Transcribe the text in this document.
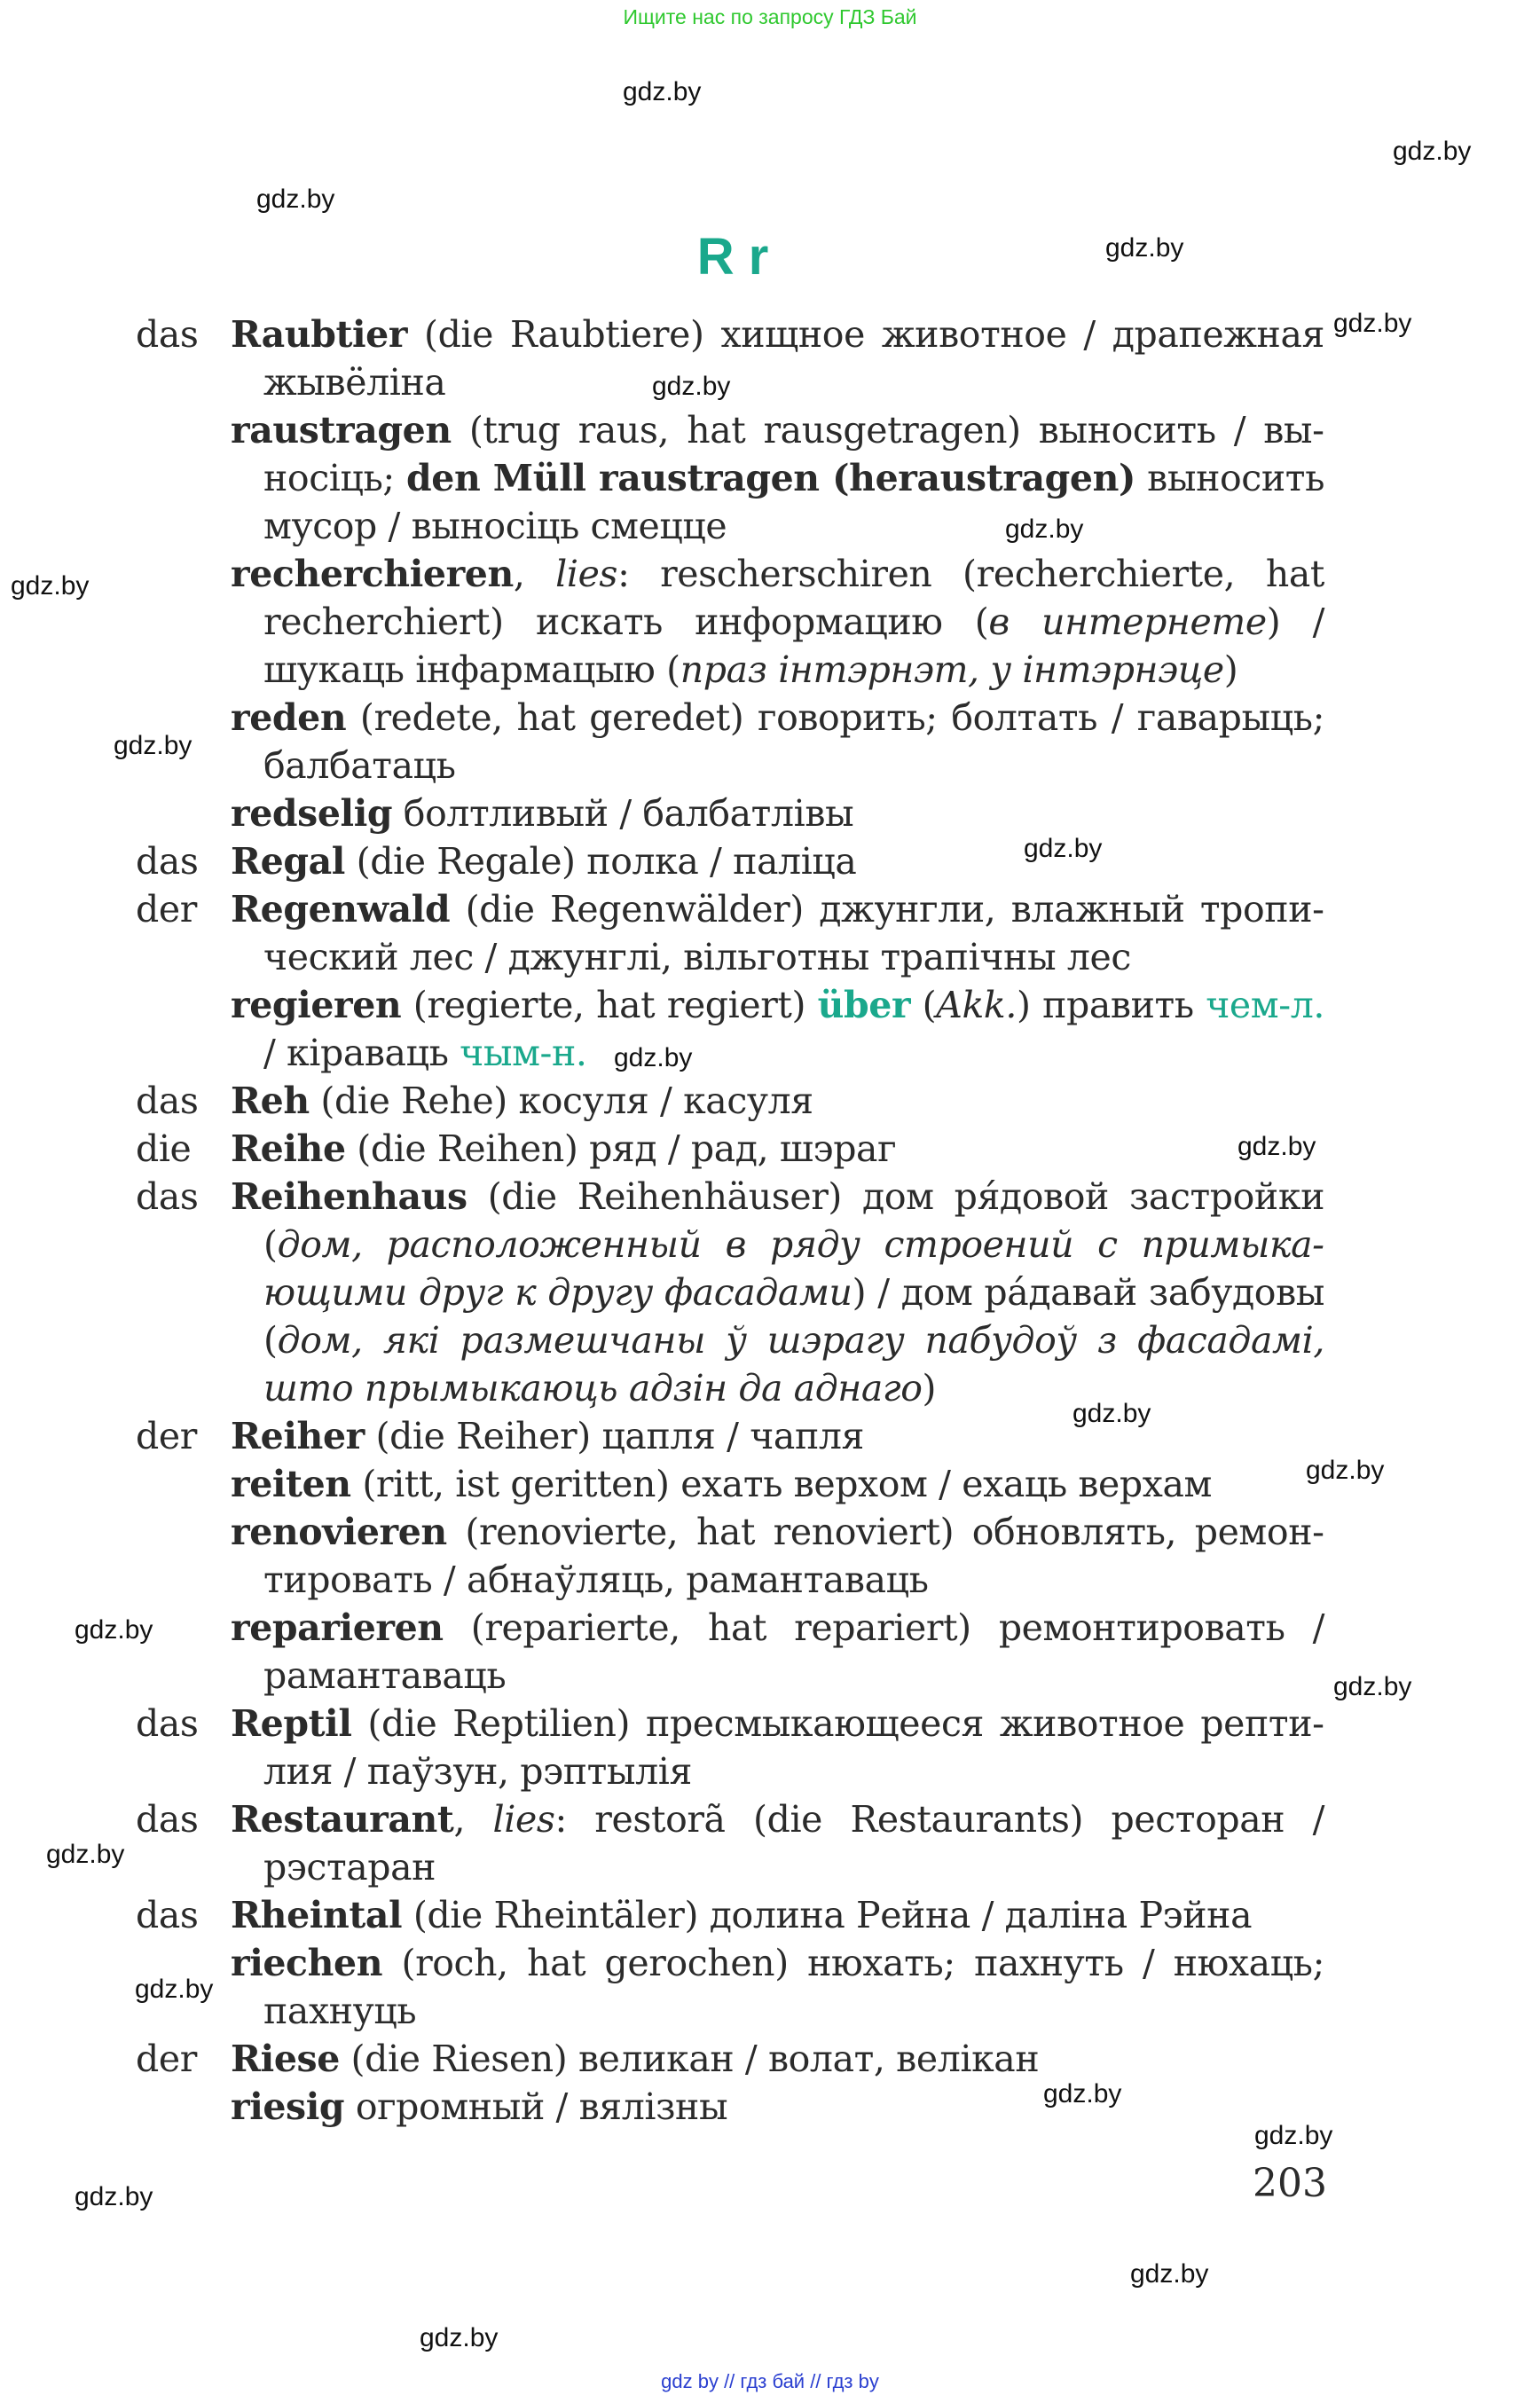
Ищите нас по запросу ГДЗ Бай
R r
das Raubtier (die Raubtiere) хищное животное / драпежная жывёліна
raustragen (trug raus, hat rausgetragen) выносить / выносіць; den Müll raustragen (heraustragen) выносить мусор / выносіць смецце
recherchieren, lies: rescherschiren (recherchierte, hat recherchiert) искать информацию (в интернете) / шукаць інфармацыю (праз інтэрнэт, у інтэрнэце)
reden (redete, hat geredet) говорить; болтать / гаварыць; балбатаць
redselig болтливый / балбатлівы
das Regal (die Regale) полка / паліца
der Regenwald (die Regenwälder) джунгли, влажный тропический лес / джунглі, вільготны трапічны лес
regieren (regierte, hat regiert) über (Akk.) править чем-л. / кіраваць чым-н.
das Reh (die Rehe) косуля / касуля
die Reihe (die Reihen) ряд / рад, шэраг
das Reihenhaus (die Reihenhäuser) дом ря́довой застройки (дом, расположенный в ряду строений с примыкающими друг к другу фасадами) / дом ра́давай забудовы (дом, які размешчаны ў шэрагу пабудоў з фасадамі, што прымыкаюць адзін да аднаго)
der Reiher (die Reiher) цапля / чапля
reiten (ritt, ist geritten) ехать верхом / ехаць верхам
renovieren (renovierte, hat renoviert) обновлять, ремонтировать / абнаўляць, рамантаваць
reparieren (reparierte, hat repariert) ремонтировать / рамантаваць
das Reptil (die Reptilien) пресмыкающееся животное рептилия / паўзун, рэптылія
das Restaurant, lies: restorã (die Restaurants) ресторан / рэстаран
das Rheintal (die Rheintäler) долина Рейна / даліна Рэйна
riechen (roch, hat gerochen) нюхать; пахнуть / нюхаць; пахнуць
der Riese (die Riesen) великан / волат, велікан
riesig огромный / вялізны
203
gdz.by
gdz.by
gdz.by
gdz.by
gdz.by
gdz.by
gdz.by
gdz.by
gdz.by
gdz.by
gdz.by
gdz.by
gdz.by
gdz.by
gdz.by
gdz.by
gdz.by
gdz.by
gdz.by
gdz.by
gdz.by
gdz.by
gdz.by
gdz by // гдз бай // гдз by
